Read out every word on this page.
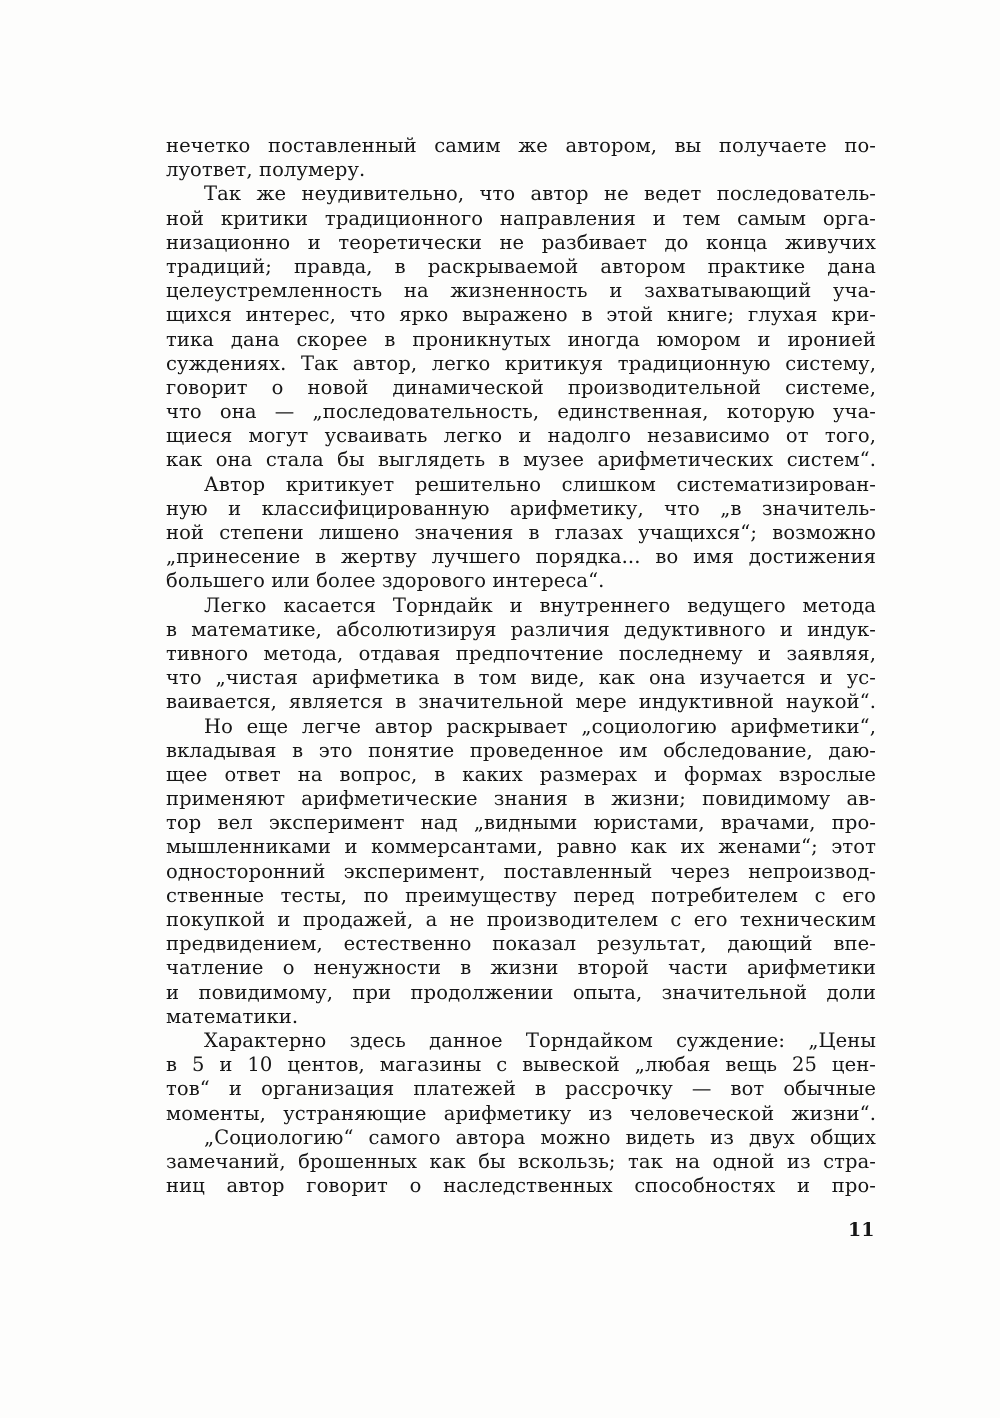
нечетко поставленный самим же автором, вы получаете по-
луответ, полумеру.
Так же неудивительно, что автор не ведет последователь-
ной критики традиционного направления и тем самым орга-
низационно и теоретически не разбивает до конца живучих
традиций; правда, в раскрываемой автором практике дана
целеустремленность на жизненность и захватывающий уча-
щихся интерес, что ярко выражено в этой книге; глухая кри-
тика дана скорее в проникнутых иногда юмором и иронией
суждениях. Так автор, легко критикуя традиционную систему,
говорит о новой динамической производительной системе,
что она — „последовательность, единственная, которую уча-
щиеся могут усваивать легко и надолго независимо от того,
как она стала бы выглядеть в музее арифметических систем“.
Автор критикует решительно слишком систематизирован-
ную и классифицированную арифметику, что „в значитель-
ной степени лишено значения в глазах учащихся“; возможно
„принесение в жертву лучшего порядка... во имя достижения
большего или более здорового интереса“.
Легко касается Торндайк и внутреннего ведущего метода
в математике, абсолютизируя различия дедуктивного и индук-
тивного метода, отдавая предпочтение последнему и заявляя,
что „чистая арифметика в том виде, как она изучается и ус-
ваивается, является в значительной мере индуктивной наукой“.
Но еще легче автор раскрывает „социологию арифметики“,
вкладывая в это понятие проведенное им обследование, даю-
щее ответ на вопрос, в каких размерах и формах взрослые
применяют арифметические знания в жизни; повидимому ав-
тор вел эксперимент над „видными юристами, врачами, про-
мышленниками и коммерсантами, равно как их женами“; этот
односторонний эксперимент, поставленный через непроизвод-
ственные тесты, по преимуществу перед потребителем с его
покупкой и продажей, а не производителем с его техническим
предвидением, естественно показал результат, дающий впе-
чатление о ненужности в жизни второй части арифметики
и повидимому, при продолжении опыта, значительной доли
математики.
Характерно здесь данное Торндайком суждение: „Цены
в 5 и 10 центов, магазины с вывеской „любая вещь 25 цен-
тов“ и организация платежей в рассрочку — вот обычные
моменты, устраняющие арифметику из человеческой жизни“.
„Социологию“ самого автора можно видеть из двух общих
замечаний, брошенных как бы вскользь; так на одной из стра-
ниц автор говорит о наследственных способностях и про-
11
